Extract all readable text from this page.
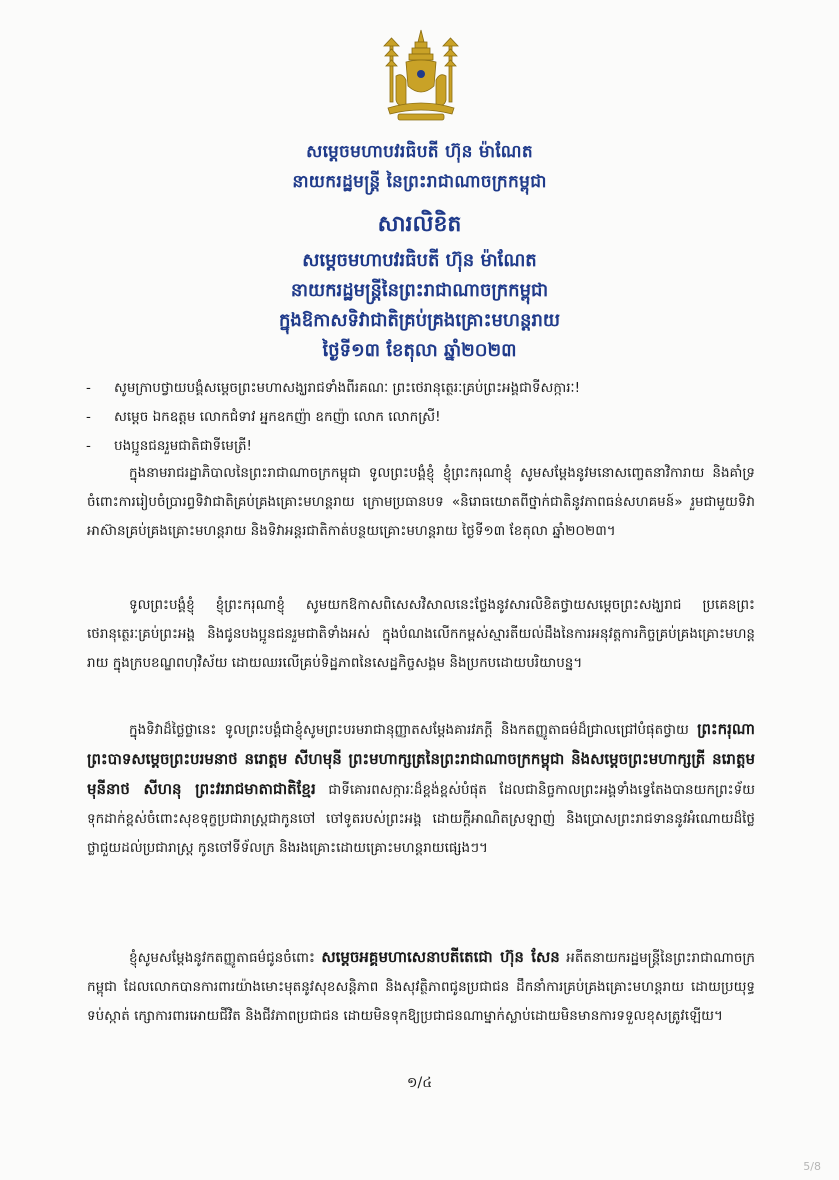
សម្ដេចមហាបវរធិបតី ហ៊ុន ម៉ាណែត
នាយករដ្ឋមន្ត្រី នៃព្រះរាជាណាចក្រកម្ពុជា
សារលិខិត
សម្ដេចមហាបវរធិបតី ហ៊ុន ម៉ាណែត
នាយករដ្ឋមន្ត្រីនៃព្រះរាជាណាចក្រកម្ពុជា
ក្នុងឱកាសទិវាជាតិគ្រប់គ្រងគ្រោះមហន្តរាយ
ថ្ងៃទី១៣ ខែតុលា ឆ្នាំ២០២៣
- សូមក្រាបថ្វាយបង្គំសម្ដេចព្រះមហាសង្ឃរាជទាំងពីរគណៈ ព្រះថេរានុត្ថេរៈគ្រប់ព្រះអង្គជាទីសក្ការៈ!
- សម្ដេច ឯកឧត្តម លោកជំទាវ អ្នកឧកញ៉ា ឧកញ៉ា លោក លោកស្រី!
- បងប្អូនជនរួមជាតិជាទីមេត្រី!

ក្នុងនាមរាជរដ្ឋាភិបាលនៃព្រះរាជាណាចក្រកម្ពុជា ទូលព្រះបង្គំខ្ញុំ ខ្ញុំព្រះករុណាខ្ញុំ សូមសម្ដែងនូវមនោសញ្ចេតនាវិការាយ និងគាំទ្រចំពោះការរៀបចំប្រារព្ធទិវាជាតិគ្រប់គ្រងគ្រោះមហន្តរាយ ក្រោមប្រធានបទ «និរោធយោតពីថ្នាក់ជាតិនូវភាពធន់សហគមន៍» រួមជាមួយទិវាអាស៊ានគ្រប់គ្រងគ្រោះមហន្តរាយ និងទិវាអន្តរជាតិកាត់បន្ថយគ្រោះមហន្តរាយ ថ្ងៃទី១៣ ខែតុលា ឆ្នាំ២០២៣។

ទូលព្រះបង្គំខ្ញុំ ខ្ញុំព្រះករុណាខ្ញុំ សូមយកឱកាសពិសេសវិសាលនេះថ្លែងនូវសារលិខិតថ្វាយសម្ដេចព្រះសង្ឃរាជ ប្រគេនព្រះថេរានុត្ថេរៈគ្រប់ព្រះអង្គ និងជូនបងប្អូនជនរួមជាតិទាំងអស់ ក្នុងបំណងលើកកម្ពស់ស្មារតីយល់ដឹងនៃការអនុវត្តការកិច្ចគ្រប់គ្រងគ្រោះមហន្តរាយ ក្នុងក្របខណ្ឌពហុវិស័យ ដោយឈរលើគ្រប់ទិដ្ឋភាពនៃសេដ្ឋកិច្ចសង្គម និងប្រកបដោយបរិយាបន្ន។

ក្នុងទិវាដ៏ថ្លៃថ្លានេះ ទូលព្រះបង្គំជាខ្ញុំសូមព្រះបរមរាជានុញ្ញាតសម្ដែងគារវភក្តី និងកតញ្ញូតាធម៌ដ៏ជ្រាលជ្រៅបំផុតថ្វាយ ព្រះករុណាព្រះបាទសម្ដេចព្រះបរមនាថ នរោត្តម សីហមុនី ព្រះមហាក្សត្រនៃព្រះរាជាណាចក្រកម្ពុជា និងសម្ដេចព្រះមហាក្សត្រី នរោត្តម មុនីនាថ សីហនុ ព្រះវររាជមាតាជាតិខ្មែរ ជាទីគោរពសក្ការៈដ៏ខ្ពង់ខ្ពស់បំផុត ដែលជានិច្ចកាលព្រះអង្គទាំងទ្វេតែងបានយកព្រះទ័យទុកដាក់ខ្ពស់ចំពោះសុខទុក្ខប្រជារាស្ត្រជាកូនចៅ ចៅទូតរបស់ព្រះអង្គ ដោយក្តីអាណិតស្រឡាញ់ និងប្រោសព្រះរាជទាននូវអំណោយដ៏ថ្លៃថ្លាជួយដល់ប្រជារាស្ត្រ កូនចៅទីទ័លក្រ និងរងគ្រោះដោយគ្រោះមហន្តរាយផ្សេងៗ។

ខ្ញុំសូមសម្ដែងនូវកតញ្ញូតាធម៌ជូនចំពោះ សម្ដេចអគ្គមហាសេនាបតីតេជោ ហ៊ុន សែន អតីតនាយករដ្ឋមន្ត្រីនៃព្រះរាជាណាចក្រកម្ពុជា ដែលលោកបានការពារយ៉ាងមោះមុតនូវសុខសន្តិភាព និងសុវត្ថិភាពជូនប្រជាជន ដឹកនាំការគ្រប់គ្រងគ្រោះមហន្តរាយ ដោយប្រយុទ្ធ ទប់ស្កាត់ ក្សោការពារអោយជីវិត និងជីវភាពប្រជាជន ដោយមិនទុកឱ្យប្រជាជនណាម្នាក់ស្លាប់ដោយមិនមានការទទួលខុសត្រូវឡើយ។

១/៤
5/8
